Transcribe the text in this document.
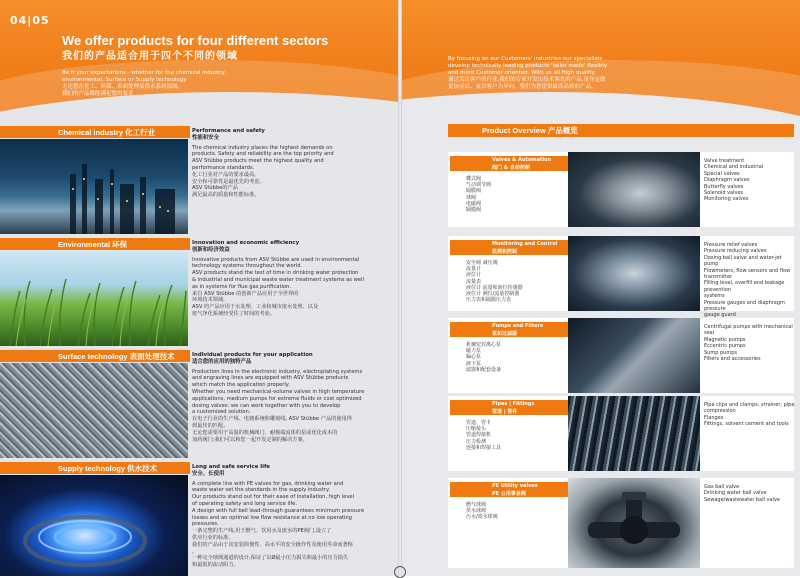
04|05
We offer products for four different sectors
我们的产品适合用于四个不同的领域
Be it your expectations - whether for the chemical industry,
environmental, Surface or Supply technology
无论您在化工、环保、表面处理及供水系统领域,
我们的产品都能满足您的要求
Chemical industry 化工行业	Performance and safety
性能和安全

The chemical industry places the highest demands on

products. Safety and reliability are the top priority and

ASV Stübbe products meet the highest quality and

performance standards.

化工行业对产品的要求最高。

安全和可靠性是最优先的考虑。

ASV Stübbe的产品

满足最高的质量和性能标准。

Environmental 环保	Innovation and economic efficiency
创新和经济效益

Innovative products from ASV Stübbe are used in environmental

technology systems throughout the world.

ASV products stand the test of time in drinking water protection

& industrial and municipal waste water treatment systems as well

as in systems for flue gas purification.

来自 ASV Stübbe 的创新产品应用于全世界的

环境技术领域。

ASV 的产品应用于水处理、工业和城市废水处理、以及

废气净化系统经受住了时间的考验。

Surface technology 表面处理技术	Individual products for your application
适合您的应用的独特产品

Production lines in the electronic industry, electroplating systems

and engraving lines are equipped with ASV Stübbe products

which match the application properly.

Whether you need mechanical-volume valves in high temperature

applications, medium pumps for extreme fluids or cost optimized

dosing valves: we can work together with you to develop

a customized solution.

在电子行业的生产线、电镀系统和雕刻线, ASV Stübbe 产品的使用得

到最佳的匹配。

无论您需要用于高温的机械阀门、耐极端流体的泵或优化成本的

加药阀门:我们可以和您一起开发定制的解决方案。

Supply technology 供水技术	Long and safe service life
安全、长使用

A complete line with PE valves for gas, drinking water and

waste water set the standards in the supply industry.

Our products stand out for their ease of installation, high level

of operating safety and long service life.

A design with full bell lead-through guarantees minimum pressure

losses and an optimal low flow resistance at no low operating

pressures.

一条完整的生产线,用于燃气、饮用水及废水的PE阀门,设立了

供应行业的标准。

我们的产品由于其安装简便性、高水平的安全操作性及使用寿命而著称

。

一种完全球阀通道的设计,保证了以Ø最小压力损失和最小的压力损失

和最低的流动阻力。

By focusing on our Customers' industries our specialists
develop technically leading products 'tailor made' flexibly
and more Customer oriented. With us all High quality.
通过关注客户的行业,我们的专家开发出技术领先的产品,量身定做
更加灵活、更以客户为导向。我们为您提供最高品质的产品。
Product Overview 产品概览
Valves & Automation
阀门 & 自动控制
蝶式阀
气动调节阀
隔膜阀
球阀
电磁阀
隔膜阀
Valve treatment
Chemical and industrial
Special valves
Diaphragm valves
Butterfly valves
Solenoid valves
Monitoring valves
Monitoring and Control
监测和控制
安全阀 减压阀
流量计
液位计
流量表
液位计 流量和液位传感器
液位计 测位/流量控制器
压力表和隔膜压力表
Pressure relief valves
Pressure reducing valves
Dosing ball valve and water-jet pump
Flowmeters, flow sensors and flow transmitter
Filling level, overfill and leakage prevention
systems
Pressure gauges and diaphragm pressure
gauge guard
Pumps and Filters
泵和过滤器
机械密封离心泵
磁力泵
偏心泵
液下泵
滤器和配套设备
Centrifugal pumps with mechanical seal
Magnetic pumps
Eccentric pumps
Sump pumps
Filters and accessories
Pipes | Fittings
管道 | 管件
管道、管卡
压缩接头
管道焊接机
压力检测
连接和焊接工具
Pipe clips and clamps, strainer, pipe
compression
Flanges
Fittings, solvent cement and tools
PE Utility valves
PE 公用事业阀
燃气球阀
供水球阀
污水/废水球阀
Gas ball valve
Drinking water ball valve
Sewage/wastewater ball valve
